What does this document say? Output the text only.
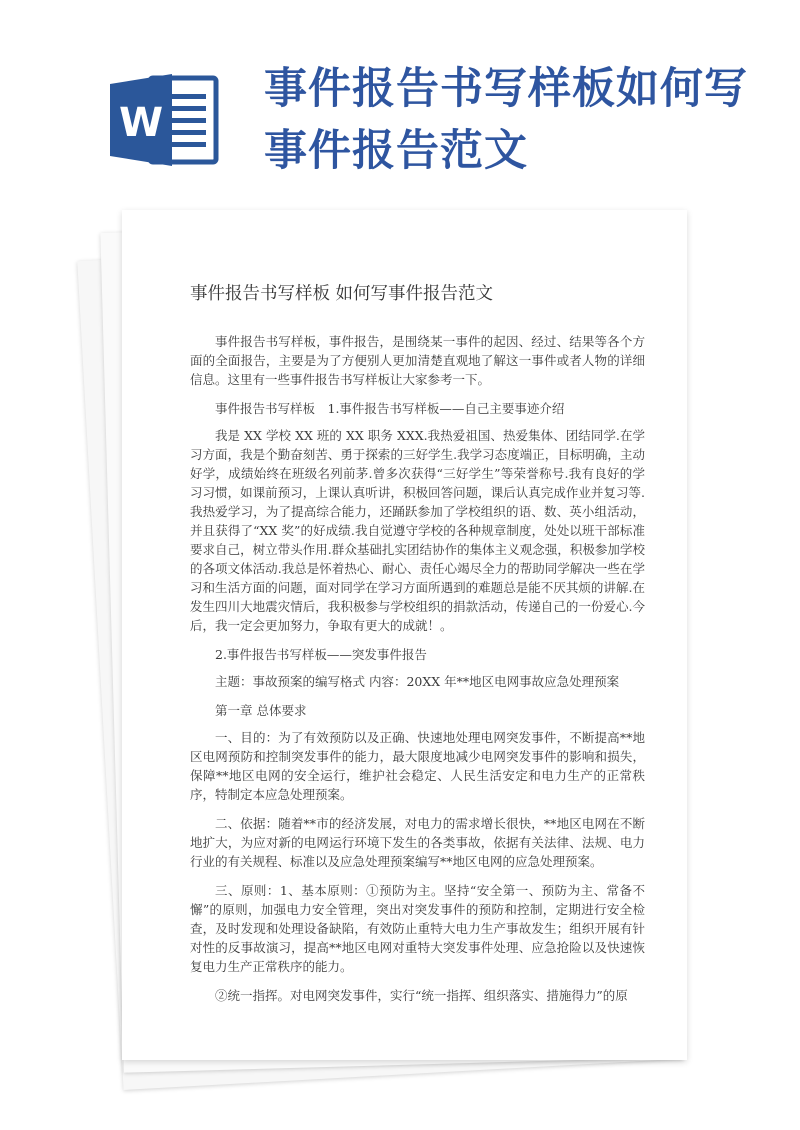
W
事件报告书写样板如何写事件报告范文
事件报告书写样板 如何写事件报告范文

事件报告书写样板，事件报告，是围绕某一事件的起因、经过、结果等各个方面的全面报告，主要是为了方便别人更加清楚直观地了解这一事件或者人物的详细信息。这里有一些事件报告书写样板让大家参考一下。

事件报告书写样板　1.事件报告书写样板——自己主要事迹介绍

我是 XX 学校 XX 班的 XX 职务 XXX.我热爱祖国、热爱集体、团结同学.在学习方面，我是个勤奋刻苦、勇于探索的三好学生.我学习态度端正，目标明确，主动好学，成绩始终在班级名列前茅.曾多次获得“三好学生”等荣誉称号.我有良好的学习习惯，如课前预习，上课认真听讲，积极回答问题，课后认真完成作业并复习等.我热爱学习，为了提高综合能力，还踊跃参加了学校组织的语、数、英小组活动，并且获得了“XX 奖”的好成绩.我自觉遵守学校的各种规章制度，处处以班干部标准要求自己，树立带头作用.群众基础扎实团结协作的集体主义观念强，积极参加学校的各项文体活动.我总是怀着热心、耐心、责任心竭尽全力的帮助同学解决一些在学习和生活方面的问题，面对同学在学习方面所遇到的难题总是能不厌其烦的讲解.在发生四川大地震灾情后，我积极参与学校组织的捐款活动，传递自己的一份爱心.今后，我一定会更加努力，争取有更大的成就！。

2.事件报告书写样板——突发事件报告

主题：事故预案的编写格式 内容：20XX 年**地区电网事故应急处理预案

第一章 总体要求

一、目的：为了有效预防以及正确、快速地处理电网突发事件，不断提高**地区电网预防和控制突发事件的能力，最大限度地减少电网突发事件的影响和损失，保障**地区电网的安全运行，维护社会稳定、人民生活安定和电力生产的正常秩序，特制定本应急处理预案。

二、依据：随着**市的经济发展，对电力的需求增长很快，**地区电网在不断地扩大，为应对新的电网运行环境下发生的各类事故，依据有关法律、法规、电力行业的有关规程、标准以及应急处理预案编写**地区电网的应急处理预案。

三、原则：1、基本原则：①预防为主。坚持“安全第一、预防为主、常备不懈”的原则，加强电力安全管理，突出对突发事件的预防和控制，定期进行安全检查，及时发现和处理设备缺陷，有效防止重特大电力生产事故发生；组织开展有针对性的反事故演习，提高**地区电网对重特大突发事件处理、应急抢险以及快速恢复电力生产正常秩序的能力。

②统一指挥。对电网突发事件，实行“统一指挥、组织落实、措施得力”的原
